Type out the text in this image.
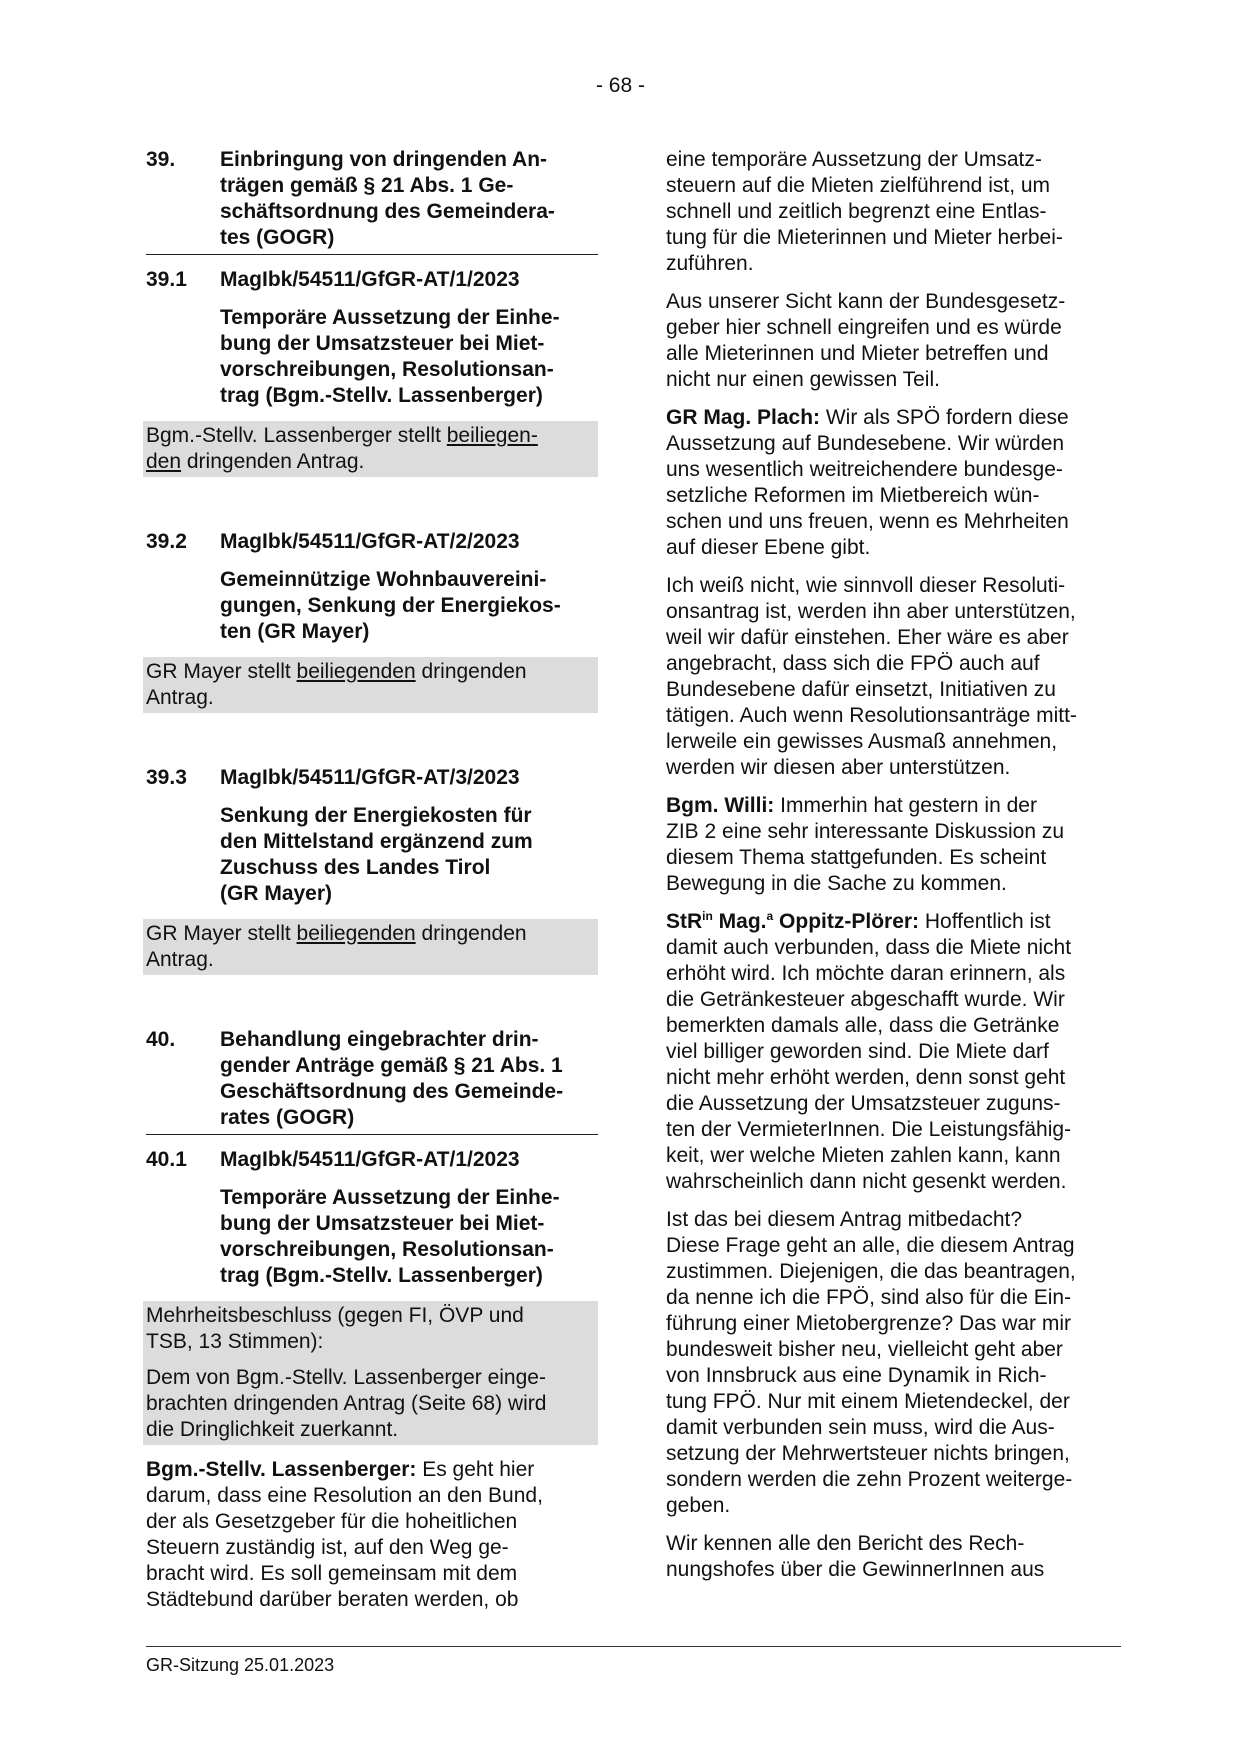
- 68 -
39.	Einbringung von dringenden An-
trägen gemäß § 21 Abs. 1 Ge-
schäftsordnung des Gemeindera-
tes (GOGR)
39.1	MagIbk/54511/GfGR-AT/1/2023
Temporäre Aussetzung der Einhe-
bung der Umsatzsteuer bei Miet-
vorschreibungen, Resolutionsan-
trag (Bgm.-Stellv. Lassenberger)
Bgm.-Stellv. Lassenberger stellt beiliegen-
den dringenden Antrag.
39.2	MagIbk/54511/GfGR-AT/2/2023
Gemeinnützige Wohnbauvereini-
gungen, Senkung der Energiekos-
ten (GR Mayer)
GR Mayer stellt beiliegenden dringenden
Antrag.
39.3	MagIbk/54511/GfGR-AT/3/2023
Senkung der Energiekosten für
den Mittelstand ergänzend zum
Zuschuss des Landes Tirol
(GR Mayer)
GR Mayer stellt beiliegenden dringenden
Antrag.
40.	Behandlung eingebrachter drin-
gender Anträge gemäß § 21 Abs. 1
Geschäftsordnung des Gemeinde-
rates (GOGR)
40.1	MagIbk/54511/GfGR-AT/1/2023
Temporäre Aussetzung der Einhe-
bung der Umsatzsteuer bei Miet-
vorschreibungen, Resolutionsan-
trag (Bgm.-Stellv. Lassenberger)

Mehrheitsbeschluss (gegen FI, ÖVP und
TSB, 13 Stimmen):

Dem von Bgm.-Stellv. Lassenberger einge-
brachten dringenden Antrag (Seite 68) wird
die Dringlichkeit zuerkannt.

Bgm.-Stellv. Lassenberger: Es geht hier
darum, dass eine Resolution an den Bund,
der als Gesetzgeber für die hoheitlichen
Steuern zuständig ist, auf den Weg ge-
bracht wird. Es soll gemeinsam mit dem
Städtebund darüber beraten werden, ob

eine temporäre Aussetzung der Umsatz-
steuern auf die Mieten zielführend ist, um
schnell und zeitlich begrenzt eine Entlas-
tung für die Mieterinnen und Mieter herbei-
zuführen.

Aus unserer Sicht kann der Bundesgesetz-
geber hier schnell eingreifen und es würde
alle Mieterinnen und Mieter betreffen und
nicht nur einen gewissen Teil.

GR Mag. Plach: Wir als SPÖ fordern diese
Aussetzung auf Bundesebene. Wir würden
uns wesentlich weitreichendere bundesge-
setzliche Reformen im Mietbereich wün-
schen und uns freuen, wenn es Mehrheiten
auf dieser Ebene gibt.

Ich weiß nicht, wie sinnvoll dieser Resoluti-
onsantrag ist, werden ihn aber unterstützen,
weil wir dafür einstehen. Eher wäre es aber
angebracht, dass sich die FPÖ auch auf
Bundesebene dafür einsetzt, Initiativen zu
tätigen. Auch wenn Resolutionsanträge mitt-
lerweile ein gewisses Ausmaß annehmen,
werden wir diesen aber unterstützen.

Bgm. Willi: Immerhin hat gestern in der
ZIB 2 eine sehr interessante Diskussion zu
diesem Thema stattgefunden. Es scheint
Bewegung in die Sache zu kommen.

StR$^{in}$ Mag.$^a$ Oppitz-Plörer: Hoffentlich ist
damit auch verbunden, dass die Miete nicht
erhöht wird. Ich möchte daran erinnern, als
die Getränkesteuer abgeschafft wurde. Wir
bemerkten damals alle, dass die Getränke
viel billiger geworden sind. Die Miete darf
nicht mehr erhöht werden, denn sonst geht
die Aussetzung der Umsatzsteuer zuguns-
ten der VermieterInnen. Die Leistungsfähig-
keit, wer welche Mieten zahlen kann, kann
wahrscheinlich dann nicht gesenkt werden.

Ist das bei diesem Antrag mitbedacht?
Diese Frage geht an alle, die diesem Antrag
zustimmen. Diejenigen, die das beantragen,
da nenne ich die FPÖ, sind also für die Ein-
führung einer Mietobergrenze? Das war mir
bundesweit bisher neu, vielleicht geht aber
von Innsbruck aus eine Dynamik in Rich-
tung FPÖ. Nur mit einem Mietendeckel, der
damit verbunden sein muss, wird die Aus-
setzung der Mehrwertsteuer nichts bringen,
sondern werden die zehn Prozent weiterge-
geben.

Wir kennen alle den Bericht des Rech-
nungshofes über die GewinnerInnen aus

GR-Sitzung 25.01.2023
